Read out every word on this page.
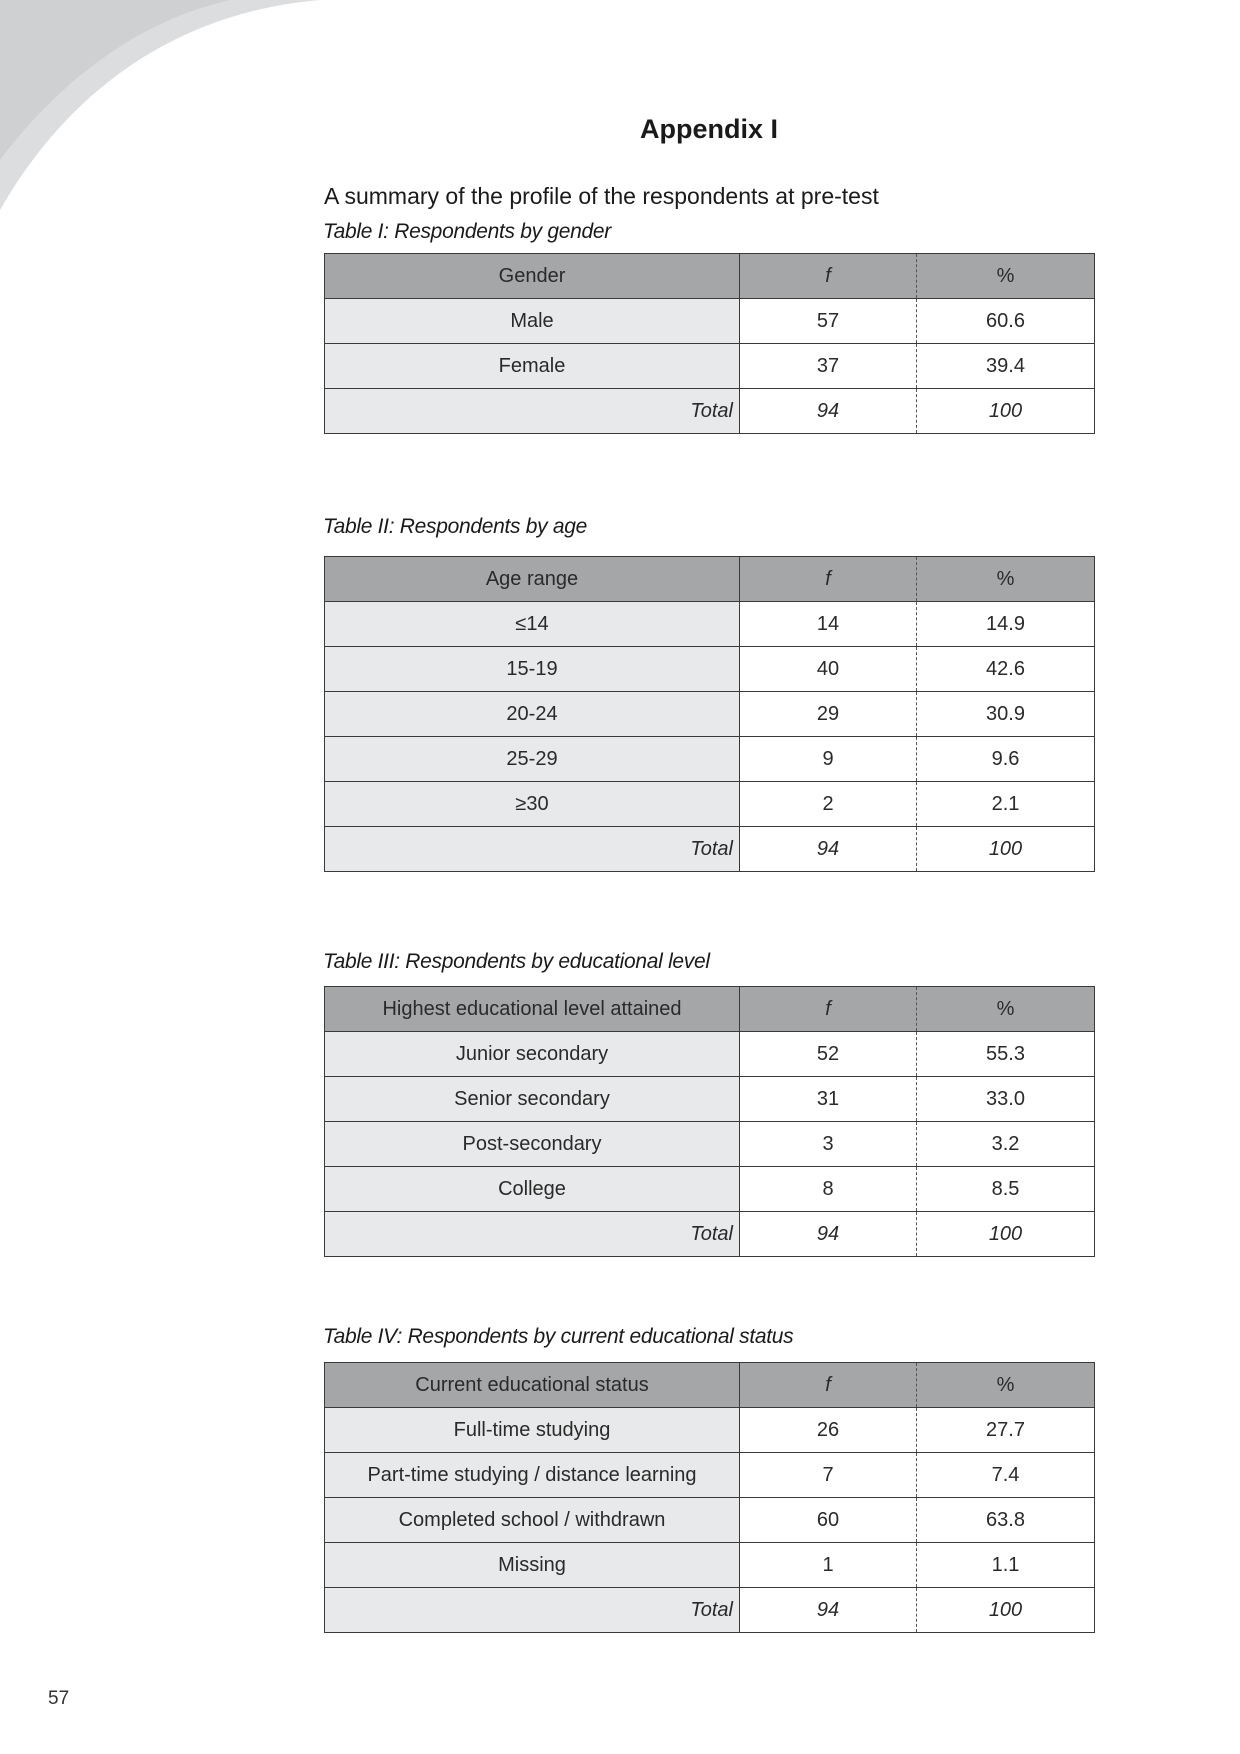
Appendix I
A summary of the profile of the respondents at pre-test
Table I: Respondents by gender
Gender	f	%
Male	57	60.6
Female	37	39.4
Total	94	100
Table II: Respondents by age
Age range	f	%
≤14	14	14.9
15-19	40	42.6
20-24	29	30.9
25-29	9	9.6
≥30	2	2.1
Total	94	100
Table III: Respondents by educational level
Highest educational level attained	f	%
Junior secondary	52	55.3
Senior secondary	31	33.0
Post-secondary	3	3.2
College	8	8.5
Total	94	100
Table IV: Respondents by current educational status
Current educational status	f	%
Full-time studying	26	27.7
Part-time studying / distance learning	7	7.4
Completed school / withdrawn	60	63.8
Missing	1	1.1
Total	94	100
57
